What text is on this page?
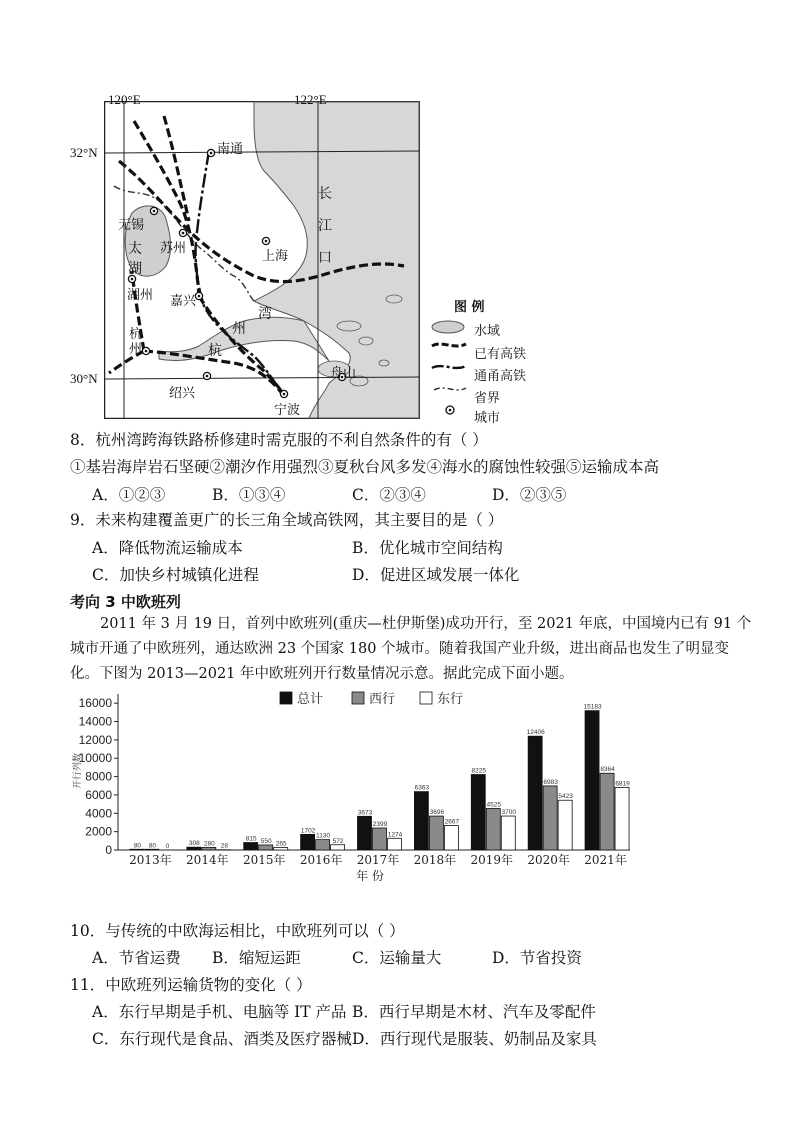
120°E	122°E
32°N
30°N
南通
无锡
苏州
上海
湖州 嘉兴
杭州
绍兴
宁波
舟山
太
湖
长
江
口
杭
州
湾	图 例
水域
已有高铁
通甬高铁
省界
城市
8．杭州湾跨海铁路桥修建时需克服的不利自然条件的有（ ）
①基岩海岸岩石坚硬②潮汐作用强烈③夏秋台风多发④海水的腐蚀性较强⑤运输成本高
A．①②③	B．①③④	C．②③④	D．②③⑤
9．未来构建覆盖更广的长三角全域高铁网，其主要目的是（ ）
A．降低物流运输成本	B．优化城市空间结构
C．加快乡村城镇化进程	D．促进区域发展一体化
考向 3 中欧班列
2011 年 3 月 19 日，首列中欧班列(重庆—杜伊斯堡)成功开行，至 2021 年底，中国境内已有 91 个
城市开通了中欧班列，通达欧洲 23 个国家 180 个城市。随着我国产业升级，进出商品也发生了明显变
化。下图为 2013—2021 年中欧班列开行数量情况示意。据此完成下面小题。
0
2000
4000
6000
8000
10000
12000
14000
16000
开行列数
80 80 0
2013年
308 280 28
2014年
815 550 265
2015年
1702
1130
572
2016年
3673
2399
1274
2017年
6363
3696
2667
2018年
8225
4525
3700
2019年
12406
6983
5423
2020年
15183
8364
6819
2021年
年 份
总计	西行	东行
10．与传统的中欧海运相比，中欧班列可以（ ）
A．节省运费 B．缩短运距	C．运输量大	D．节省投资
11．中欧班列运输货物的变化（ ）
A．东行早期是手机、电脑等 IT 产品 B．西行早期是木材、汽车及零配件
C．东行现代是食品、酒类及医疗器械 D．西行现代是服装、奶制品及家具
